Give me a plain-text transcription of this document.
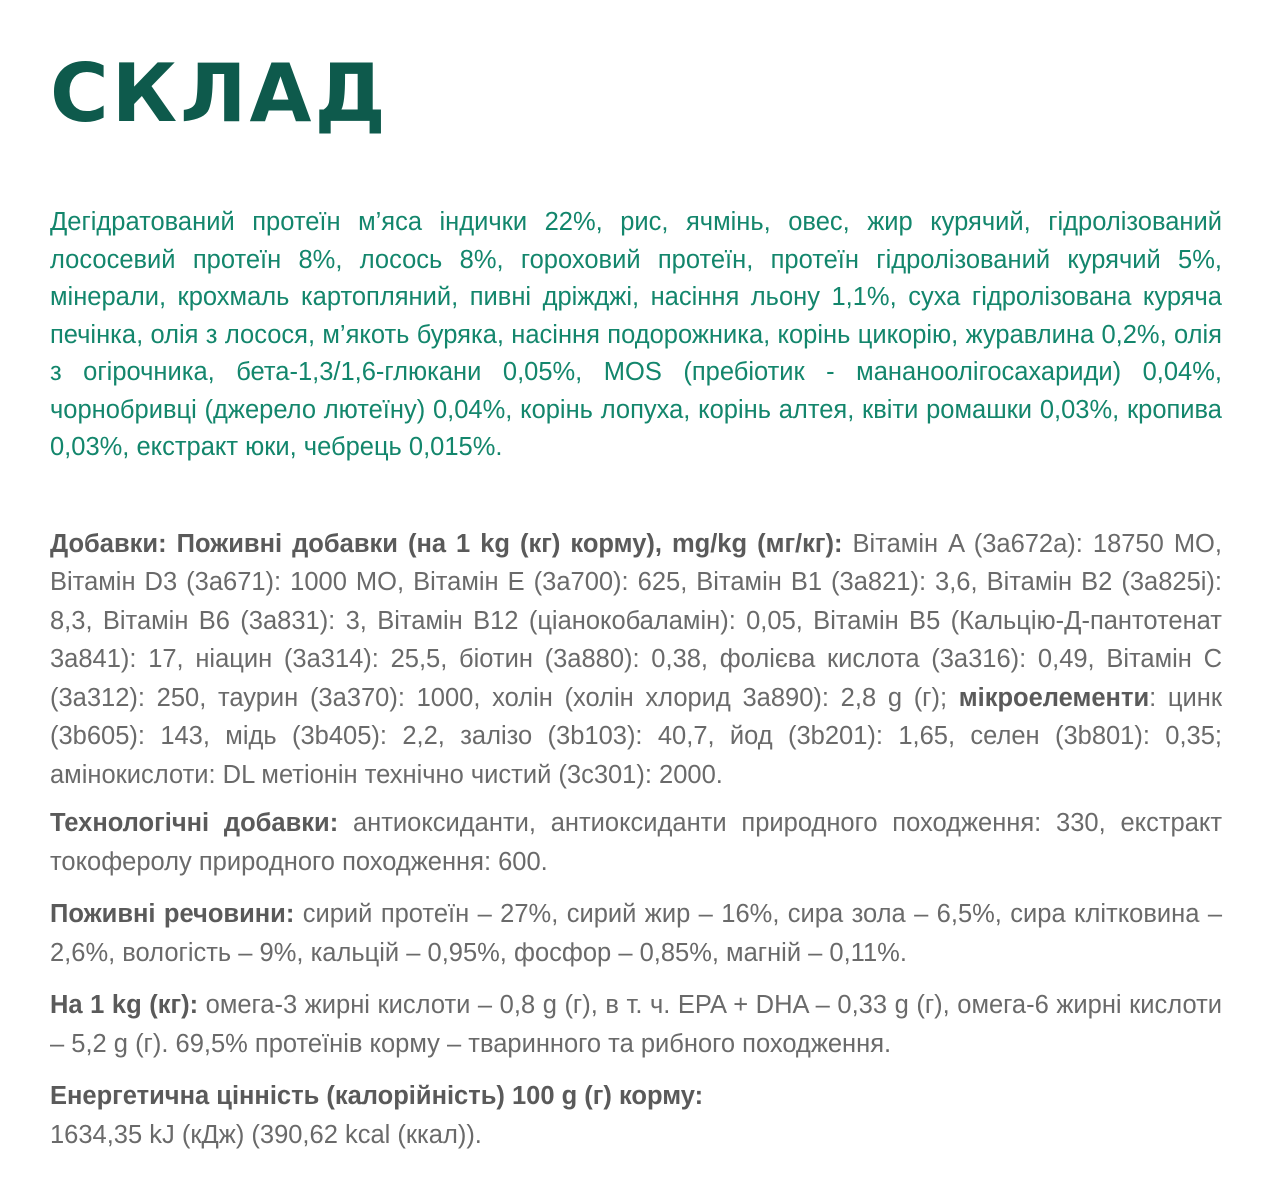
СКЛАД

Дегідратований протеїн м’яса індички 22%, рис, ячмінь, овес, жир курячий, гідролізований лососевий протеїн 8%, лосось 8%, гороховий протеїн, протеїн гідролізований курячий 5%, мінерали, крохмаль картопляний, пивні дріжджі, насіння льону 1,1%, суха гідролізована куряча печінка, олія з лосося, м’якоть буряка, насіння подорожника, корінь цикорію, журавлина 0,2%, олія з огірочника, бета-1,3/1,6-глюкани 0,05%, MOS (пребіотик - мананоолігосахариди) 0,04%, чорнобривці (джерело лютеїну) 0,04%, корінь лопуха, корінь алтея, квіти ромашки 0,03%, кропива 0,03%, екстракт юки, чебрець 0,015%.

Добавки: Поживні добавки (на 1 kg (кг) корму), mg/kg (мг/кг): Вітамін A (3a672a): 18750 МО, Вітамін D3 (3a671): 1000 МО, Вітамін E (3a700): 625, Вітамін B1 (3a821): 3,6, Вітамін B2 (3a825i): 8,3, Вітамін B6 (3a831): 3, Вітамін B12 (ціанокобаламін): 0,05, Вітамін B5 (Кальцію-Д-пантотенат 3a841): 17, ніацин (3a314): 25,5, біотин (3a880): 0,38, фолієва кислота (3a316): 0,49, Вітамін C (3a312): 250, таурин (3a370): 1000, холін (холін хлорид 3a890): 2,8 g (г); мікроелементи: цинк (3b605): 143, мідь (3b405): 2,2, залізо (3b103): 40,7, йод (3b201): 1,65, селен (3b801): 0,35; амінокислоти: DL метіонін технічно чистий (3c301): 2000.

Технологічні добавки: антиоксиданти, антиоксиданти природного походження: 330, екстракт токоферолу природного походження: 600.

Поживні речовини: сирий протеїн – 27%, сирий жир – 16%, сира зола – 6,5%, сира клітковина – 2,6%, вологість – 9%, кальцій – 0,95%, фосфор – 0,85%, магній – 0,11%.

На 1 kg (кг): омега-3 жирні кислоти – 0,8 g (г), в т. ч. EPA + DHA – 0,33 g (г), омега-6 жирні кислоти – 5,2 g (г). 69,5% протеїнів корму – тваринного та рибного походження.

Енергетична цінність (калорійність) 100 g (г) корму:
1634,35 kJ (кДж) (390,62 kcal (ккал)).
